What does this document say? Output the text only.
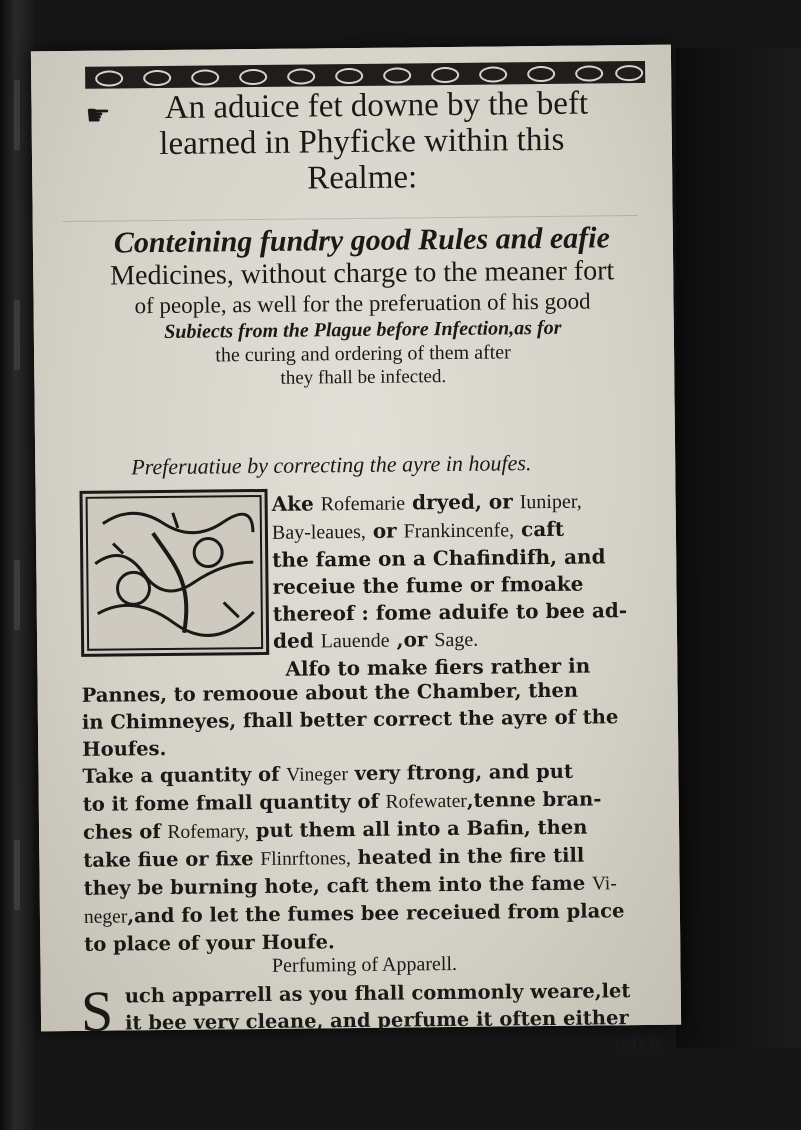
☛	An aduice fet downe by the beft
learned in Phyficke within this
Realme:
Conteining fundry good Rules and eafie
Medicines, without charge to the meaner fort
of people, as well for the preferuation of his good
Subiects from the Plague before Infection,as for
the curing and ordering of them after
they fhall be infected.
Preferuatiue by correcting the ayre in houfes.
Ake Rofemarie dryed, or Iuniper,
Bay-leaues, or Frankincenfe, caft
the fame on a Chafindifh, and
receiue the fume or fmoake
thereof : fome aduife to bee ad-
ded Lauende ,or Sage.
Alfo to make fiers rather in
Pannes, to remooue about the Chamber, then
in Chimneyes, fhall better correct the ayre of the
Houfes.
Take a quantity of Vineger very ftrong, and put
to it fome fmall quantity of Rofewater,tenne bran-
ches of Rofemary, put them all into a Bafin, then
take fiue or fixe Flinrftones, heated in the fire till
they be burning hote, caft them into the fame Vi-
neger,and fo let the fumes bee receiued from place
to place of your Houfe.
Perfuming of Apparell.
S uch apparrell as you fhall commonly weare,let
it bee very cleane, and perfume it often either
with
